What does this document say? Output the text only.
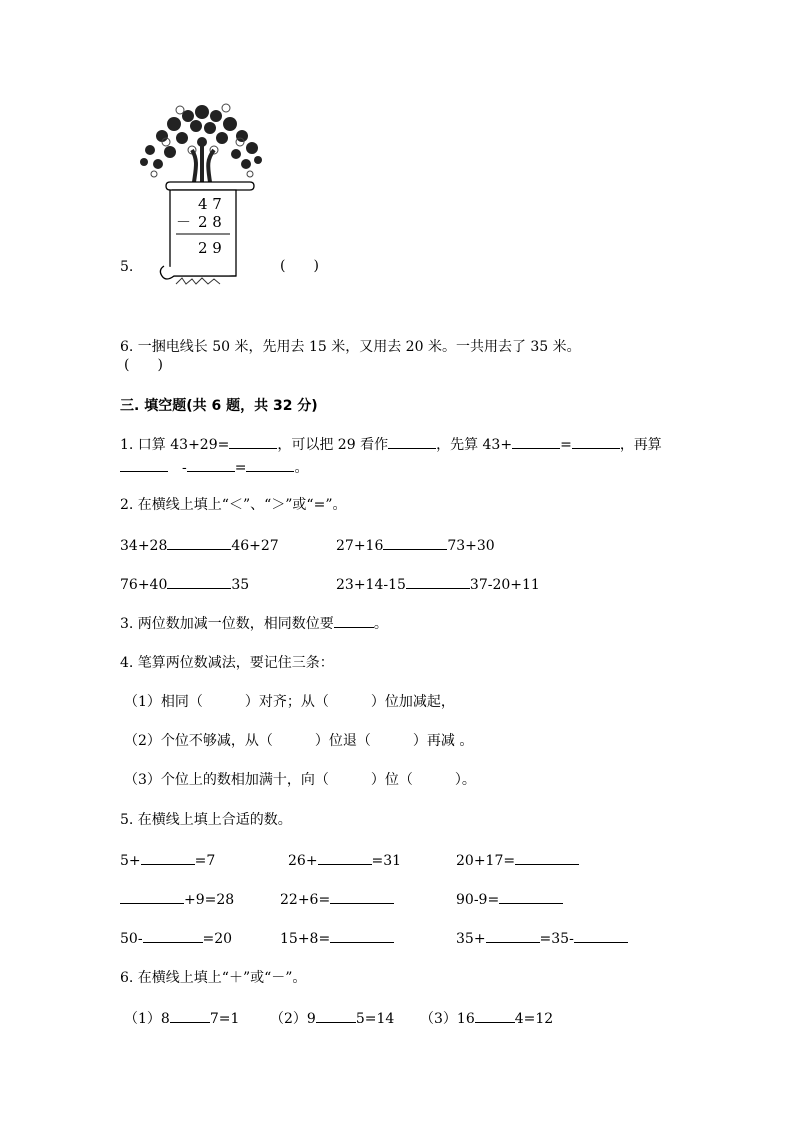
4 7
－ 2 8
2 9
5.	(　　)
6. 一捆电线长 50 米，先用去 15 米，又用去 20 米。一共用去了 35 米。
(　　)
三. 填空题(共 6 题，共 32 分)
1. 口算 43+29=	，可以把 29 看作	，先算 43+	=	，再算
-	=	。
2. 在横线上填上“＜”、“＞”或“=”。
34+28	46+27	27+16	73+30
76+40	35	23+14-15	37-20+11
3. 两位数加减一位数，相同数位要	。
4. 笔算两位数减法，要记住三条：
（1）相同（　　　）对齐；从（　　　）位加减起，
（2）个位不够减，从（　　　）位退（　　　）再减 。
（3）个位上的数相加满十，向（　　　）位（　　　）。
5. 在横线上填上合适的数。
5+	=7	26+	=31	20+17=
+9=28	22+6=	90-9=
50-	=20	15+8=	35+	=35-
6. 在横线上填上“＋”或“－”。
（1）8	7=1 （2）9	5=14 （3）16	4=12
